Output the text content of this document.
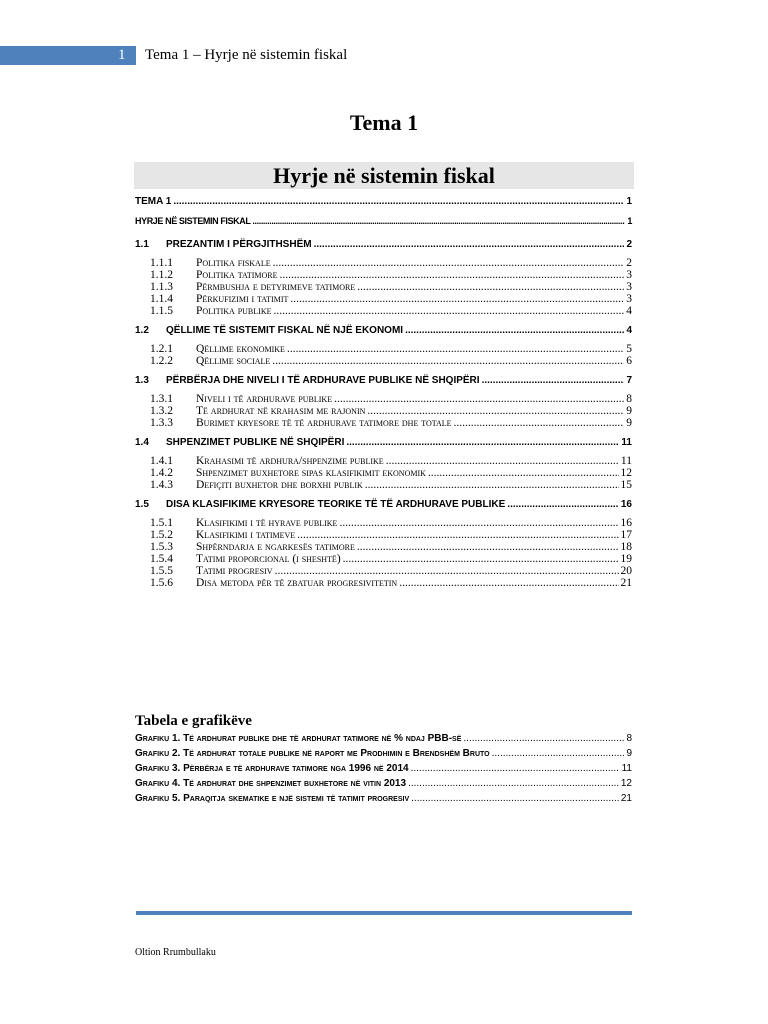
1 Tema 1 – Hyrje në sistemin fiskal
Tema 1
Hyrje në sistemin fiskal
TEMA 1 .....	1
HYRJE NË SISTEMIN FISKAL .....	1
1.1	PREZANTIM I PËRGJITHSHËM .....	2
1.1.1	Politika fiskale .....	2
1.1.2	Politika tatimore .....	3
1.1.3	Përmbushja e detyrimeve tatimore .....	3
1.1.4	Përkufizimi i tatimit .....	3
1.1.5	Politika publike .....	4
1.2	QËLLIME TË SISTEMIT FISKAL NË NJË EKONOMI .....	4
1.2.1	Qëllime ekonomike .....	5
1.2.2	Qëllime sociale .....	6
1.3	PËRBËRJA DHE NIVELI I TË ARDHURAVE PUBLIKE NË SHQIPËRI .....	7
1.3.1	Niveli i të ardhurave publike .....	8
1.3.2	Të ardhurat në krahasim me rajonin .....	9
1.3.3	Burimet kryesore të të ardhurave tatimore dhe totale .....	9
1.4	SHPENZIMET PUBLIKE NË SHQIPËRI .....	11
1.4.1	Krahasimi të ardhura/shpenzime publike .....	11
1.4.2	Shpenzimet buxhetore sipas klasifikimit ekonomik .....	12
1.4.3	Defiçiti buxhetor dhe borxhi publik .....	15
1.5	DISA KLASIFIKIME KRYESORE TEORIKE TË TË ARDHURAVE PUBLIKE .....	16
1.5.1	Klasifikimi i të hyrave publike .....	16
1.5.2	Klasifikimi i tatimeve .....	17
1.5.3	Shpërndarja e ngarkesës tatimore .....	18
1.5.4	Tatimi proporcional (i sheshtë) .....	19
1.5.5	Tatimi progresiv .....	20
1.5.6	Disa metoda për të zbatuar progresivitetin .....	21
Tabela e grafikëve
Grafiku 1. Të ardhurat publike dhe të ardhurat tatimore në % ndaj PBB-së .....	8
Grafiku 2. Të ardhurat totale publike në raport me Prodhimin e Brendshëm Bruto .....	9
Grafiku 3. Përbërja e të ardhurave tatimore nga 1996 në 2014 .....	11
Grafiku 4. Të ardhurat dhe shpenzimet buxhetore në vitin 2013 .....	12
Grafiku 5. Paraqitja skematike e një sistemi të tatimit progresiv .....	21
Oltion Rrumbullaku
